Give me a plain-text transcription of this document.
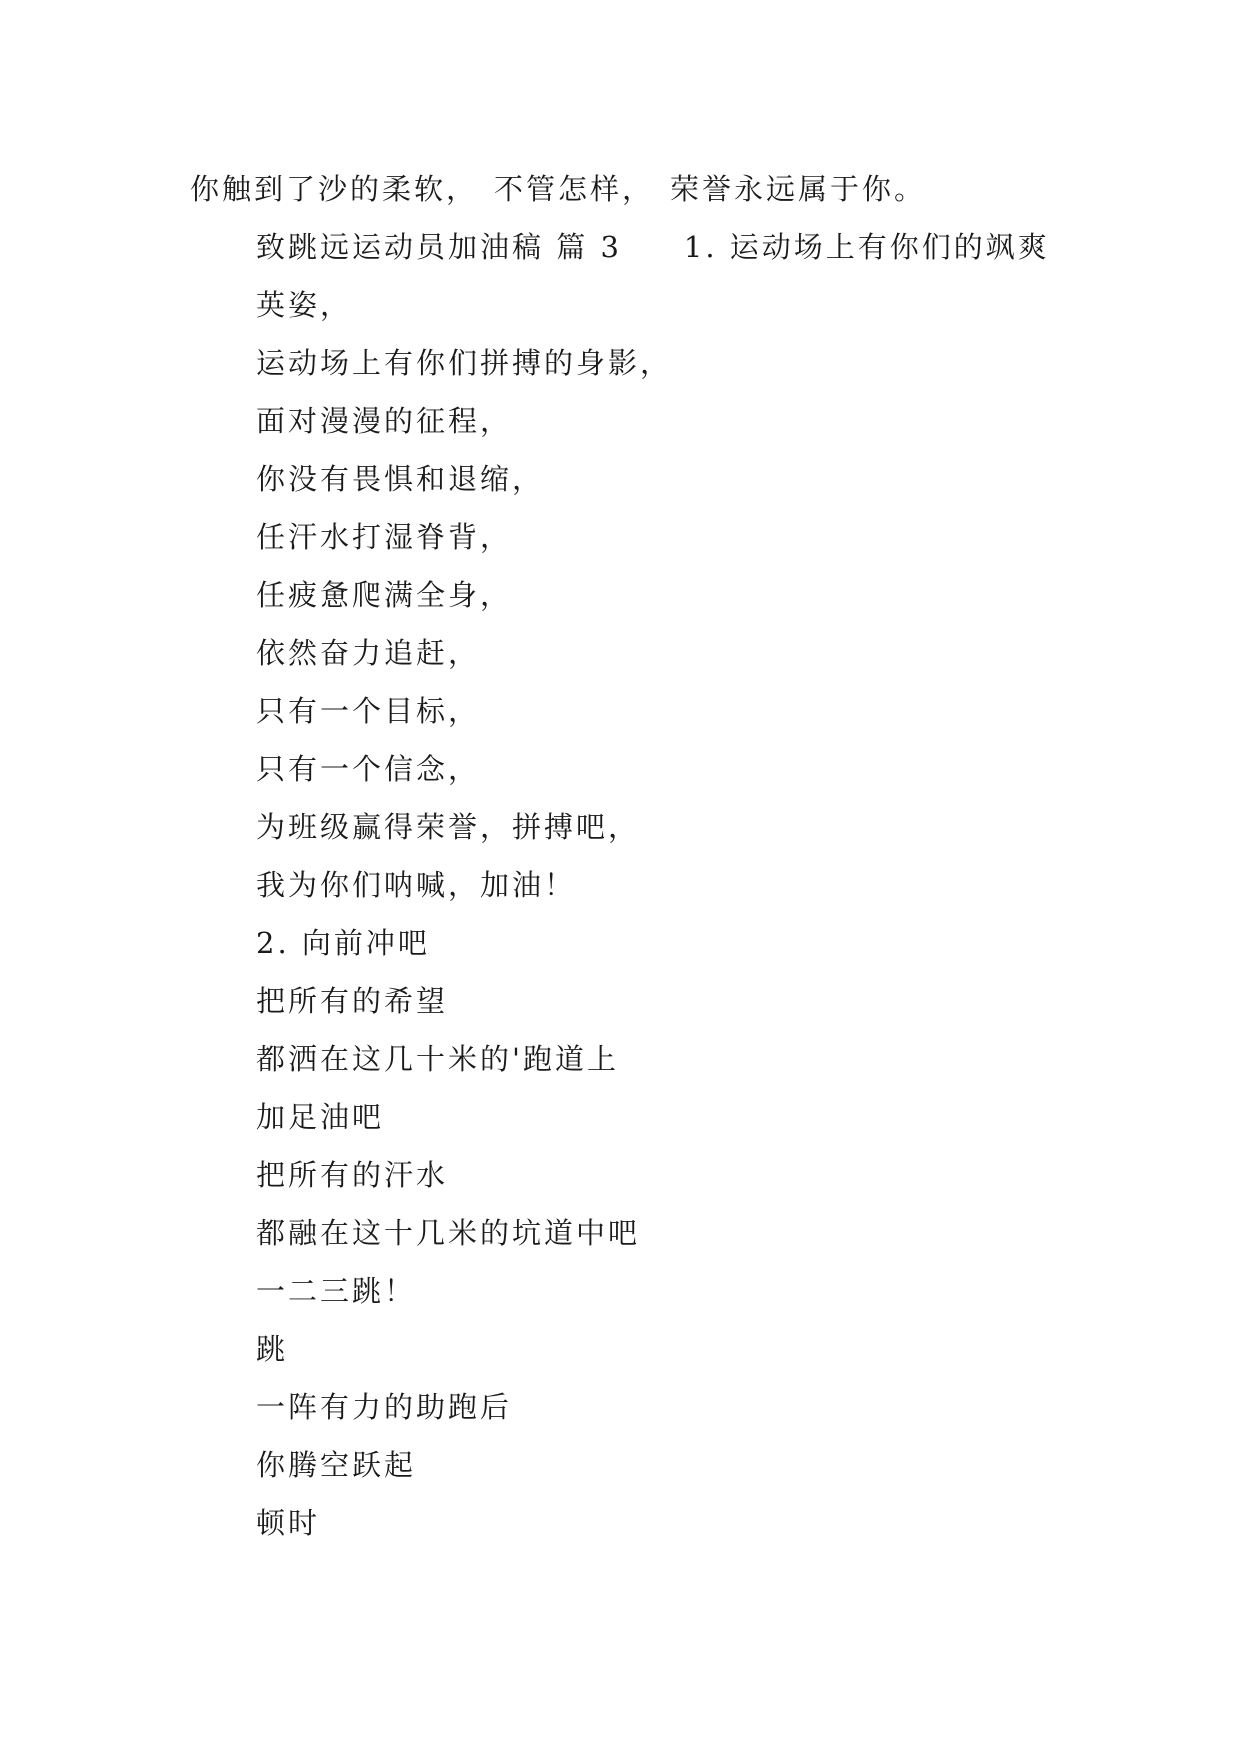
你触到了沙的柔软， 不管怎样， 荣誉永远属于你。

致跳远运动员加油稿 篇 3 1. 运动场上有你们的飒爽英姿，

运动场上有你们拼搏的身影，

面对漫漫的征程，

你没有畏惧和退缩，

任汗水打湿脊背，

任疲惫爬满全身，

依然奋力追赶，

只有一个目标，

只有一个信念，

为班级赢得荣誉，拼搏吧，

我为你们呐喊，加油！

2. 向前冲吧

把所有的希望

都洒在这几十米的'跑道上

加足油吧

把所有的汗水

都融在这十几米的坑道中吧

一二三跳！

跳

一阵有力的助跑后

你腾空跃起

顿时
